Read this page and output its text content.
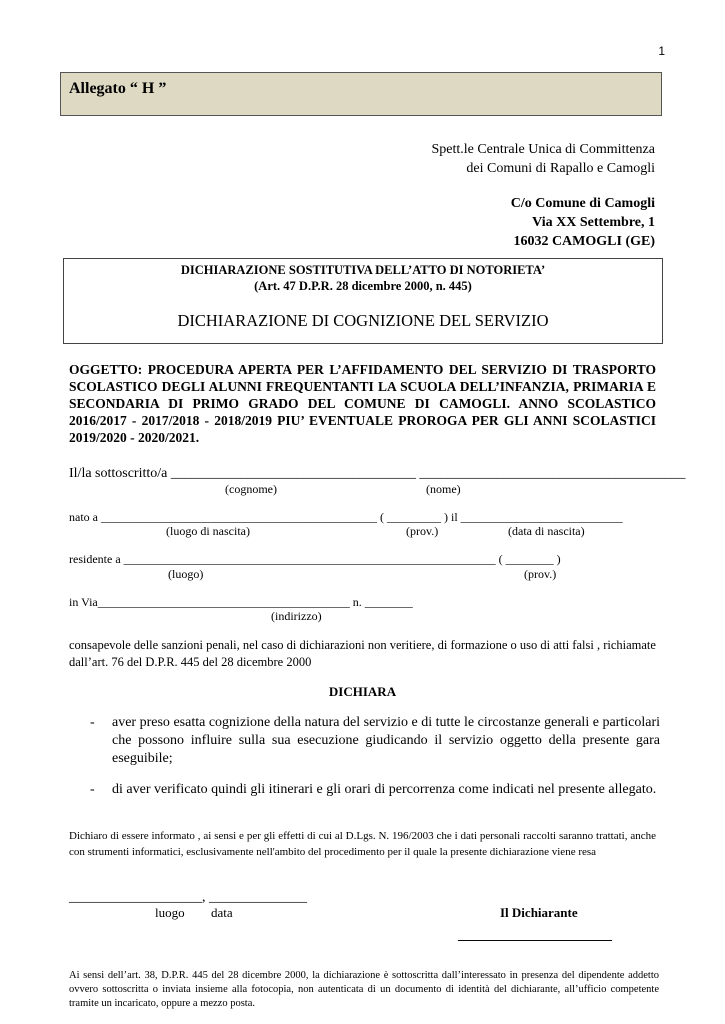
1
Allegato “ H ”
Spett.le Centrale Unica di Committenza
dei Comuni di Rapallo e Camogli
C/o Comune di Camogli
Via XX Settembre, 1
16032 CAMOGLI (GE)
DICHIARAZIONE SOSTITUTIVA DELL’ATTO DI NOTORIETA’
(Art. 47 D.P.R. 28 dicembre 2000, n. 445)
DICHIARAZIONE DI COGNIZIONE DEL SERVIZIO
OGGETTO: PROCEDURA APERTA PER L’AFFIDAMENTO DEL SERVIZIO DI TRASPORTO SCOLASTICO DEGLI ALUNNI FREQUENTANTI LA SCUOLA DELL’INFANZIA, PRIMARIA E SECONDARIA DI PRIMO GRADO DEL COMUNE DI CAMOGLI. ANNO SCOLASTICO 2016/2017 - 2017/2018 - 2018/2019 PIU’ EVENTUALE PROROGA PER GLI ANNI SCOLASTICI 2019/2020 - 2020/2021.
Il/la sottoscritto/a ___________________________________ ______________________________________
(cognome)	(nome)
nato a ______________________________________________ ( _________ ) il ___________________________
(luogo di nascita)	(prov.)	(data di nascita)
residente a ______________________________________________________________ ( ________ )
(luogo)	(prov.)
in Via__________________________________________ n. ________
(indirizzo)
consapevole delle sanzioni penali, nel caso di dichiarazioni non veritiere, di formazione o uso di atti falsi , richiamate dall’art. 76 del D.P.R. 445 del 28 dicembre 2000
DICHIARA
- aver preso esatta cognizione della natura del servizio e di tutte le circostanze generali e particolari che possono influire sulla sua esecuzione giudicando il servizio oggetto della presente gara eseguibile;
- di aver verificato quindi gli itinerari e gli orari di percorrenza come indicati nel presente allegato.
Dichiaro di essere informato , ai sensi e per gli effetti di cui al D.Lgs. N. 196/2003 che i dati personali raccolti saranno trattati, anche con strumenti informatici, esclusivamente nell'ambito del procedimento per il quale la presente dichiarazione viene resa
___________________, ______________
luogo data	Il Dichiarante
______________________
Ai sensi dell’art. 38, D.P.R. 445 del 28 dicembre 2000, la dichiarazione è sottoscritta dall’interessato in presenza del dipendente addetto ovvero sottoscritta o inviata insieme alla fotocopia, non autenticata di un documento di identità del dichiarante, all’ufficio competente tramite un incaricato, oppure a mezzo posta.
